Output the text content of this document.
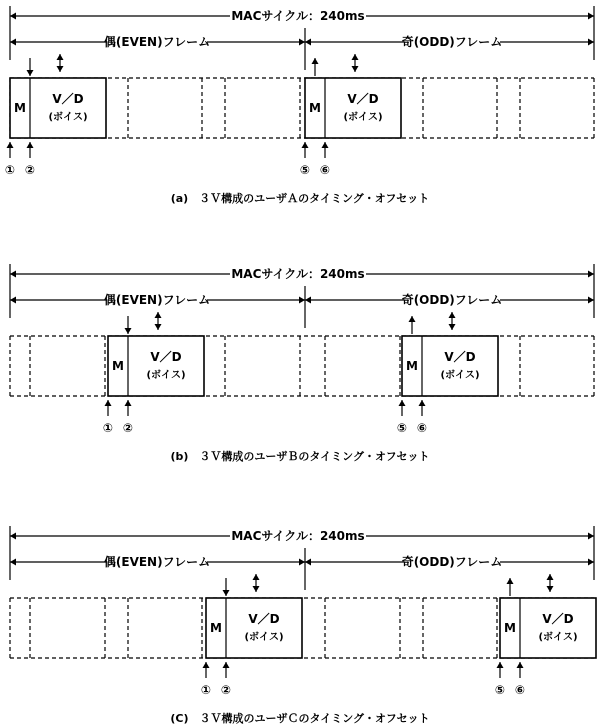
MACサイクル：240ms
偶(EVEN)フレーム	奇(ODD)フレーム
M
V／D
(ボイス)
① ②
M
V／D
(ボイス)
⑤ ⑥
(a)　３Ｖ構成のユーザＡのタイミング・オフセット
MACサイクル：240ms
偶(EVEN)フレーム	奇(ODD)フレーム
M
V／D
(ボイス)
① ②
M
V／D
(ボイス)
⑤ ⑥
(b)　３Ｖ構成のユーザＢのタイミング・オフセット
MACサイクル：240ms
偶(EVEN)フレーム	奇(ODD)フレーム
M
V／D
(ボイス)
① ②
M
V／D
(ボイス)
⑤ ⑥
(C)　３Ｖ構成のユーザＣのタイミング・オフセット
